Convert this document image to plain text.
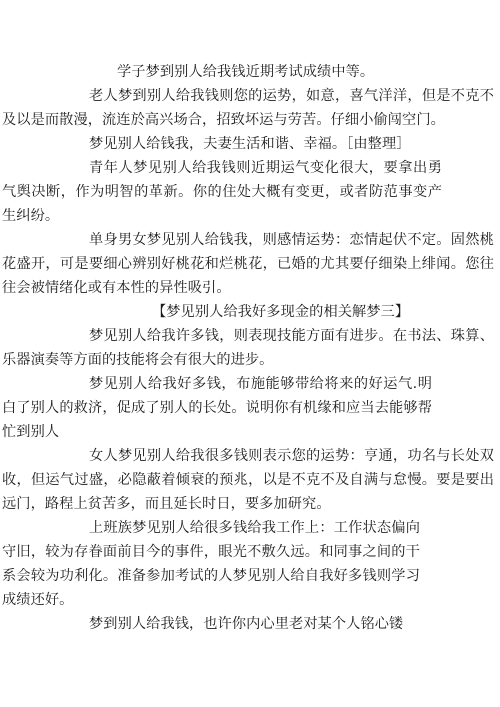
学子梦到别人给我钱近期考试成绩中等。

老人梦到别人给我钱则您的运势，如意，喜气洋洋，但是不克不及以是而散漫，流连於高兴场合，招致坏运与劳苦。仔细小偷闯空门。

梦见别人给钱我，夫妻生活和谐、幸福。［由整理］

青年人梦见别人给我钱则近期运气变化很大，要拿出勇气舆决断，作为明智的革新。你的住处大概有变更，或者防范事变产生纠纷。

单身男女梦见别人给钱我，则感情运势：恋情起伏不定。固然桃花盛开，可是要细心辨别好桃花和烂桃花，已婚的尤其要仔细染上绯闻。您往往会被情绪化或有本性的异性吸引。

【梦见别人给我好多现金的相关解梦三】

梦见别人给我许多钱，则表现技能方面有进步。在书法、珠算、乐器演奏等方面的技能将会有很大的进步。

梦见别人给我好多钱，布施能够带给将来的好运气.明白了别人的救济，促成了别人的长处。说明你有机缘和应当去能够帮忙到别人

女人梦见别人给我很多钱则表示您的运势：亨通，功名与长处双收，但运气过盛，必隐蔽着倾衰的预兆，以是不克不及自满与怠慢。要是要出远门，路程上贫苦多，而且延长时日，要多加研究。

上班族梦见别人给很多钱给我工作上：工作状态偏向守旧，较为存眷面前目今的事件，眼光不敷久远。和同事之间的干系会较为功利化。准备参加考试的人梦见别人给自我好多钱则学习成绩还好。

梦到别人给我钱，也许你内心里老对某个人铭心镂
